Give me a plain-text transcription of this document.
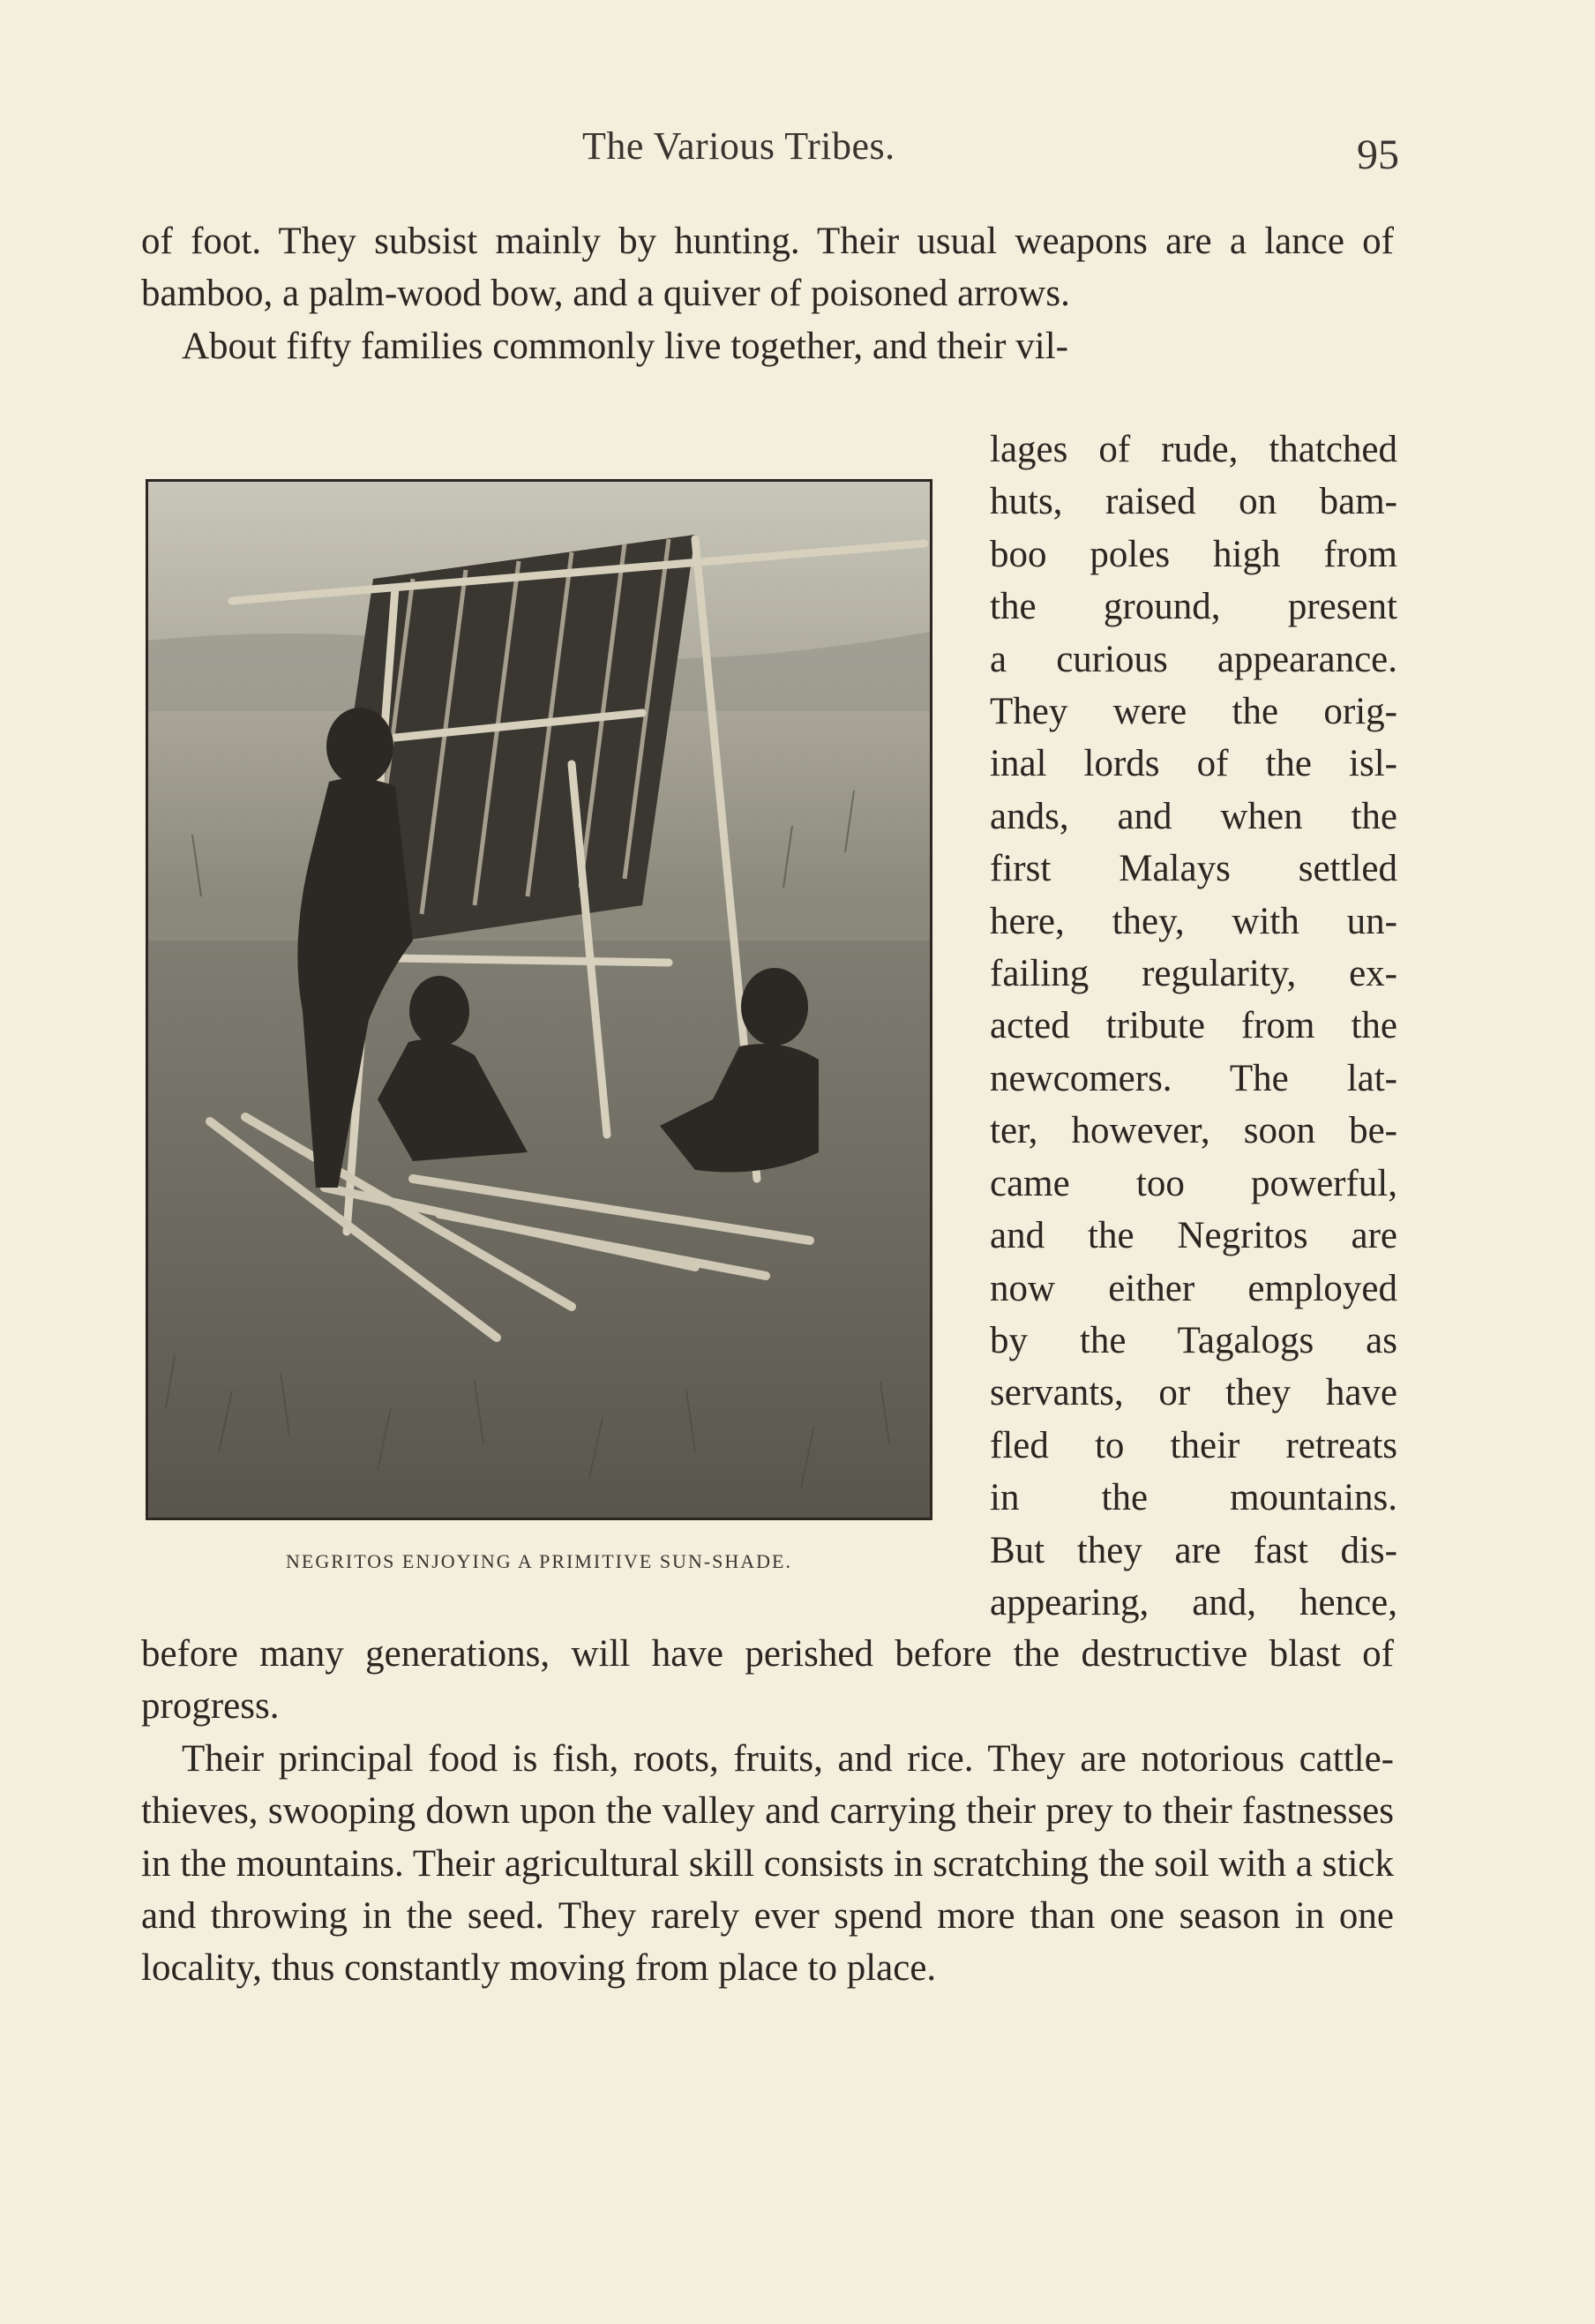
The Various Tribes.	95

of foot. They subsist mainly by hunting. Their usual weapons are a lance of bamboo, a palm-wood bow, and a quiver of poisoned arrows.

About fifty families commonly live together, and their vil-

lages of rude, thatched
huts, raised on bam-
boo poles high from
the ground, present
a curious appearance.
They were the orig-
inal lords of the isl-
ands, and when the
first Malays settled
here, they, with un-
failing regularity, ex-
acted tribute from the
newcomers. The lat-
ter, however, soon be-
came too powerful,
and the Negritos are
now either employed
by the Tagalogs as
servants, or they have
fled to their retreats
in the mountains.
But they are fast dis-
appearing, and, hence,
NEGRITOS ENJOYING A PRIMITIVE SUN-SHADE.

before many generations, will have perished before the destructive blast of progress.

Their principal food is fish, roots, fruits, and rice. They are notorious cattle-thieves, swooping down upon the valley and carrying their prey to their fastnesses in the mountains. Their agricultural skill consists in scratching the soil with a stick and throwing in the seed. They rarely ever spend more than one season in one locality, thus constantly moving from place to place.
